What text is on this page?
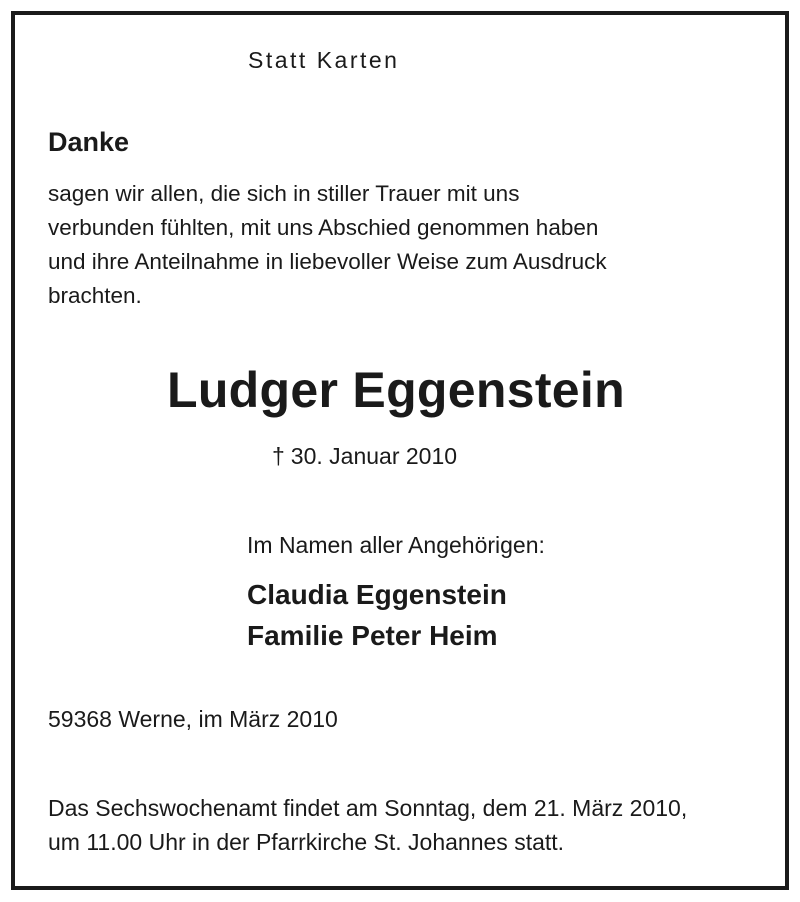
Statt Karten

Danke
sagen wir allen, die sich in stiller Trauer mit uns
verbunden fühlten, mit uns Abschied genommen haben
und ihre Anteilnahme in liebevoller Weise zum Ausdruck
brachten.
Ludger Eggenstein

† 30. Januar 2010

Im Namen aller Angehörigen:

Claudia Eggenstein
Familie Peter Heim

59368 Werne, im März 2010

Das Sechswochenamt findet am Sonntag, dem 21. März 2010,
um 11.00 Uhr in der Pfarrkirche St. Johannes statt.
